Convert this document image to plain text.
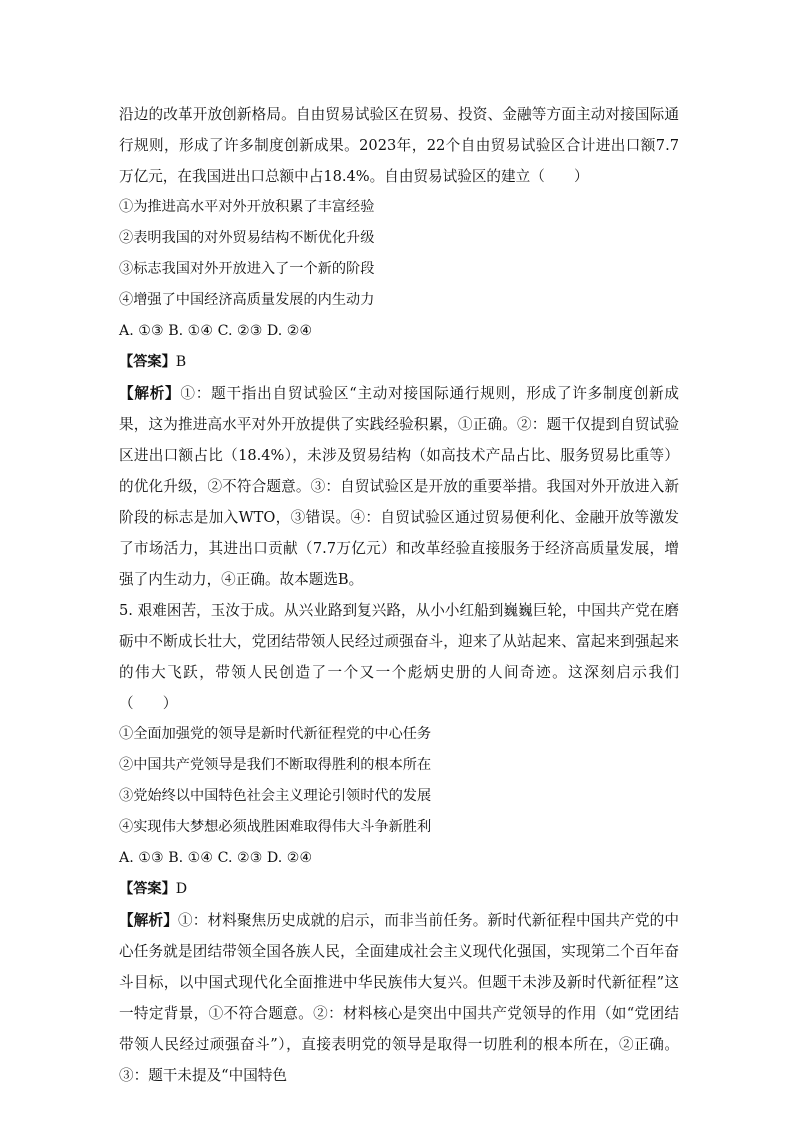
沿边的改革开放创新格局。自由贸易试验区在贸易、投资、金融等方面主动对接国际通行规则，形成了许多制度创新成果。2023年，22个自由贸易试验区合计进出口额7.7万亿元，在我国进出口总额中占18.4%。自由贸易试验区的建立（　　）

①为推进高水平对外开放积累了丰富经验

②表明我国的对外贸易结构不断优化升级

③标志我国对外开放进入了一个新的阶段

④增强了中国经济高质量发展的内生动力

A. ①③ B. ①④ C. ②③ D. ②④

【答案】B

【解析】①：题干指出自贸试验区“主动对接国际通行规则，形成了许多制度创新成果，这为推进高水平对外开放提供了实践经验积累，①正确。②：题干仅提到自贸试验区进出口额占比（18.4%），未涉及贸易结构（如高技术产品占比、服务贸易比重等）的优化升级，②不符合题意。③：自贸试验区是开放的重要举措。我国对外开放进入新阶段的标志是加入WTO，③错误。④：自贸试验区通过贸易便利化、金融开放等激发了市场活力，其进出口贡献（7.7万亿元）和改革经验直接服务于经济高质量发展，增强了内生动力，④正确。故本题选B。

5. 艰难困苦，玉汝于成。从兴业路到复兴路，从小小红船到巍巍巨轮，中国共产党在磨砺中不断成长壮大，党团结带领人民经过顽强奋斗，迎来了从站起来、富起来到强起来的伟大飞跃，带领人民创造了一个又一个彪炳史册的人间奇迹。这深刻启示我们（　　）

①全面加强党的领导是新时代新征程党的中心任务

②中国共产党领导是我们不断取得胜利的根本所在

③党始终以中国特色社会主义理论引领时代的发展

④实现伟大梦想必须战胜困难取得伟大斗争新胜利

A. ①③ B. ①④ C. ②③ D. ②④

【答案】D

【解析】①：材料聚焦历史成就的启示，而非当前任务。新时代新征程中国共产党的中心任务就是团结带领全国各族人民，全面建成社会主义现代化强国，实现第二个百年奋斗目标，以中国式现代化全面推进中华民族伟大复兴。但题干未涉及新时代新征程”这一特定背景，①不符合题意。②：材料核心是突出中国共产党领导的作用（如“党团结带领人民经过顽强奋斗”），直接表明党的领导是取得一切胜利的根本所在，②正确。③：题干未提及“中国特色
